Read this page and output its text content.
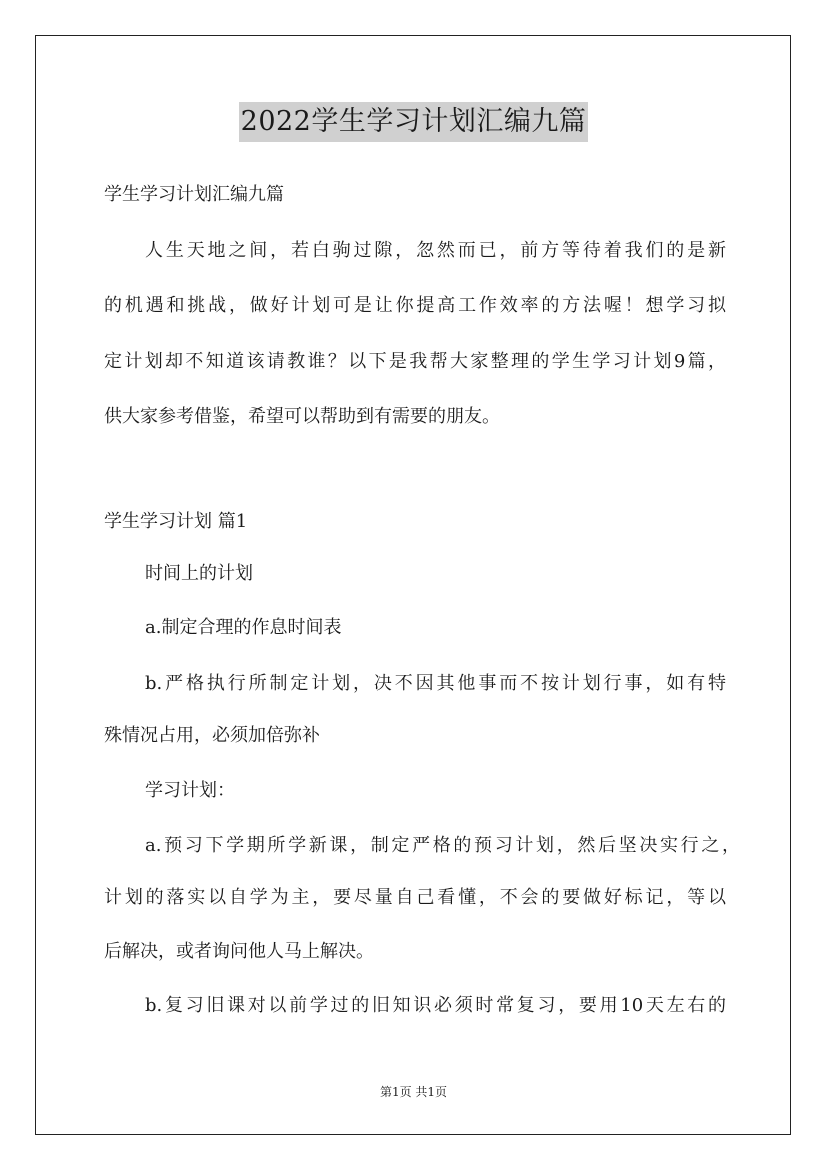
2022学生学习计划汇编九篇
学生学习计划汇编九篇
人生天地之间，若白驹过隙，忽然而已，前方等待着我们的是新
的机遇和挑战，做好计划可是让你提高工作效率的方法喔！想学习拟
定计划却不知道该请教谁？以下是我帮大家整理的学生学习计划9篇，
供大家参考借鉴，希望可以帮助到有需要的朋友。
学生学习计划 篇1
时间上的计划
a.制定合理的作息时间表
b.严格执行所制定计划，决不因其他事而不按计划行事，如有特
殊情况占用，必须加倍弥补
学习计划：
a.预习下学期所学新课，制定严格的预习计划，然后坚决实行之，
计划的落实以自学为主，要尽量自己看懂，不会的要做好标记，等以
后解决，或者询问他人马上解决。
b.复习旧课对以前学过的旧知识必须时常复习，要用10天左右的
第1页 共1页
